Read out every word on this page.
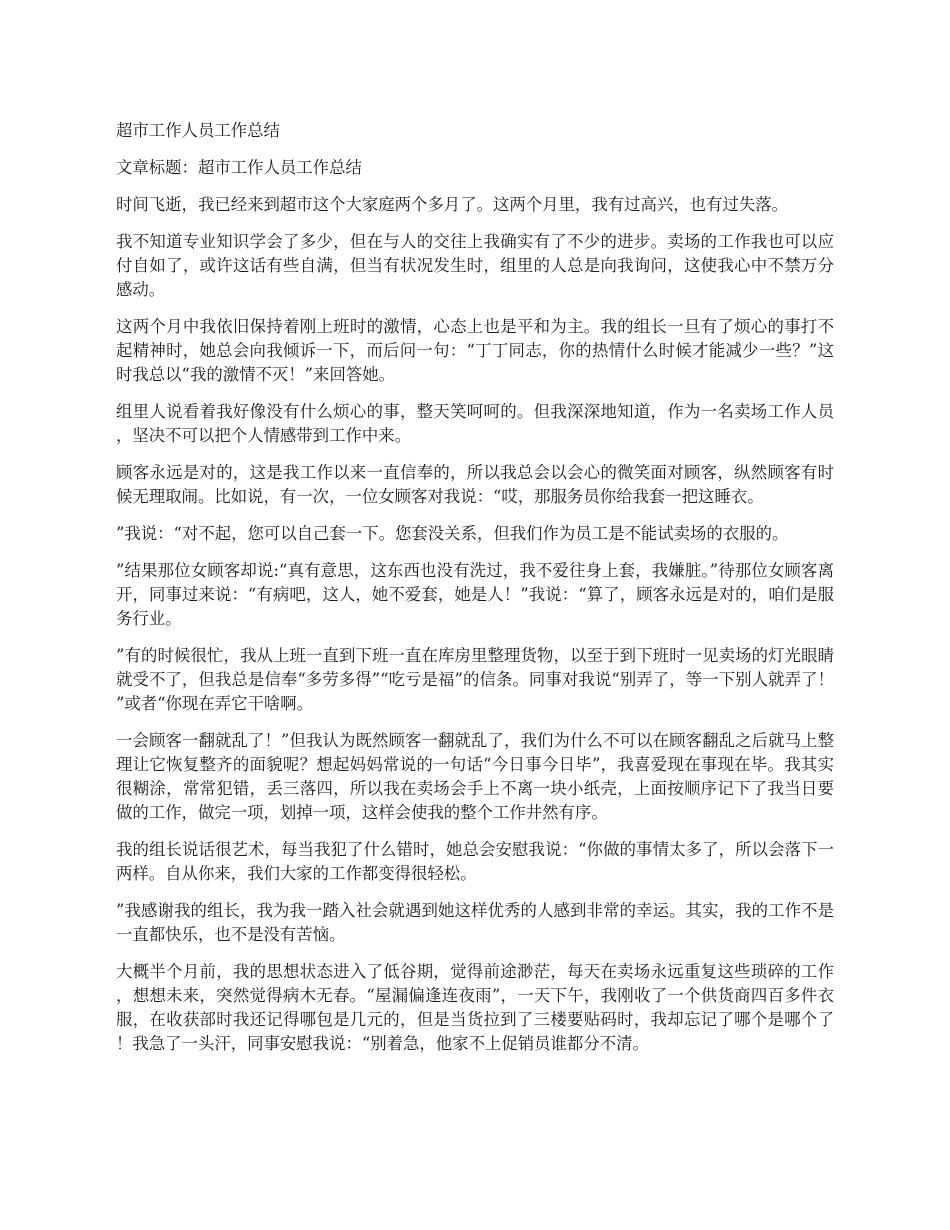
超市工作人员工作总结

文章标题：超市工作人员工作总结

时间飞逝，我已经来到超市这个大家庭两个多月了。这两个月里，我有过高兴，也有过失落。

我不知道专业知识学会了多少，但在与人的交往上我确实有了不少的进步。卖场的工作我也可以应付自如了，或许这话有些自满，但当有状况发生时，组里的人总是向我询问，这使我心中不禁万分感动。

这两个月中我依旧保持着刚上班时的激情，心态上也是平和为主。我的组长一旦有了烦心的事打不起精神时，她总会向我倾诉一下，而后问一句：“丁丁同志，你的热情什么时候才能减少一些？”这时我总以“我的激情不灭！”来回答她。

组里人说看着我好像没有什么烦心的事，整天笑呵呵的。但我深深地知道，作为一名卖场工作人员，坚决不可以把个人情感带到工作中来。

顾客永远是对的，这是我工作以来一直信奉的，所以我总会以会心的微笑面对顾客，纵然顾客有时候无理取闹。比如说，有一次，一位女顾客对我说：“哎，那服务员你给我套一把这睡衣。

”我说：“对不起，您可以自己套一下。您套没关系，但我们作为员工是不能试卖场的衣服的。

”结果那位女顾客却说:“真有意思，这东西也没有洗过，我不爱往身上套，我嫌脏。”待那位女顾客离开，同事过来说：“有病吧，这人，她不爱套，她是人！”我说：“算了，顾客永远是对的，咱们是服务行业。

”有的时候很忙，我从上班一直到下班一直在库房里整理货物，以至于到下班时一见卖场的灯光眼睛就受不了，但我总是信奉“多劳多得”“吃亏是福”的信条。同事对我说“别弄了，等一下别人就弄了！”或者“你现在弄它干啥啊。

一会顾客一翻就乱了！”但我认为既然顾客一翻就乱了，我们为什么不可以在顾客翻乱之后就马上整理让它恢复整齐的面貌呢？想起妈妈常说的一句话“今日事今日毕”，我喜爱现在事现在毕。我其实很糊涂，常常犯错，丢三落四，所以我在卖场会手上不离一块小纸壳，上面按顺序记下了我当日要做的工作，做完一项，划掉一项，这样会使我的整个工作井然有序。

我的组长说话很艺术，每当我犯了什么错时，她总会安慰我说：“你做的事情太多了，所以会落下一两样。自从你来，我们大家的工作都变得很轻松。

”我感谢我的组长，我为我一踏入社会就遇到她这样优秀的人感到非常的幸运。其实，我的工作不是一直都快乐，也不是没有苦恼。

大概半个月前，我的思想状态进入了低谷期，觉得前途渺茫，每天在卖场永远重复这些琐碎的工作，想想未来，突然觉得病木无春。“屋漏偏逢连夜雨”，一天下午，我刚收了一个供货商四百多件衣服，在收获部时我还记得哪包是几元的，但是当货拉到了三楼要贴码时，我却忘记了哪个是哪个了！我急了一头汗，同事安慰我说：“别着急，他家不上促销员谁都分不清。
